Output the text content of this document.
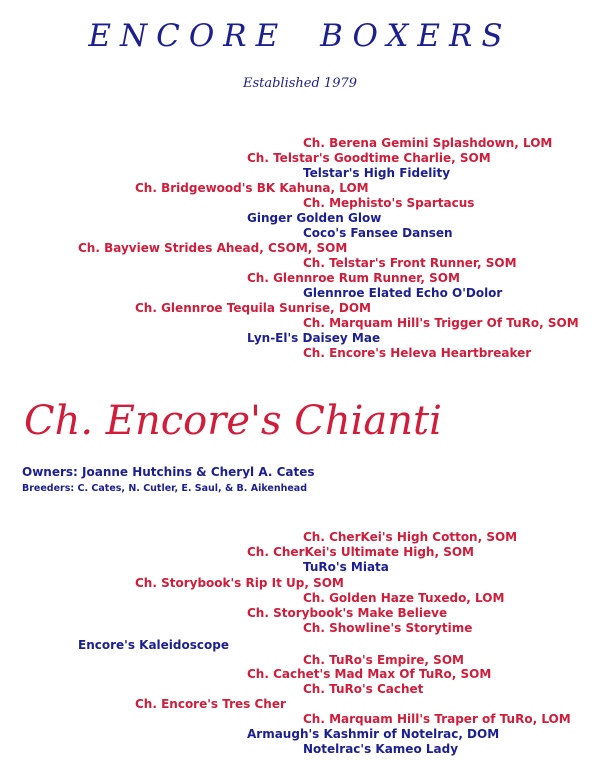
ENCORE BOXERS
Established 1979
Ch. Berena Gemini Splashdown, LOM
Ch. Telstar's Goodtime Charlie, SOM
Telstar's High Fidelity
Ch. Bridgewood's BK Kahuna, LOM
Ch. Mephisto's Spartacus
Ginger Golden Glow
Coco's Fansee Dansen
Ch. Bayview Strides Ahead, CSOM, SOM
Ch. Telstar's Front Runner, SOM
Ch. Glennroe Rum Runner, SOM
Glennroe Elated Echo O'Dolor
Ch. Glennroe Tequila Sunrise, DOM
Ch. Marquam Hill's Trigger Of TuRo, SOM
Lyn-El's Daisey Mae
Ch. Encore's Heleva Heartbreaker
Ch. Encore's Chianti
Owners: Joanne Hutchins & Cheryl A. Cates
Breeders: C. Cates, N. Cutler, E. Saul, & B. Aikenhead
Ch. CherKei's High Cotton, SOM
Ch. CherKei's Ultimate High, SOM
TuRo's Miata
Ch. Storybook's Rip It Up, SOM
Ch. Golden Haze Tuxedo, LOM
Ch. Storybook's Make Believe
Ch. Showline's Storytime
Encore's Kaleidoscope
Ch. TuRo's Empire, SOM
Ch. Cachet's Mad Max Of TuRo, SOM
Ch. TuRo's Cachet
Ch. Encore's Tres Cher
Ch. Marquam Hill's Traper of TuRo, LOM
Armaugh's Kashmir of Notelrac, DOM
Notelrac's Kameo Lady
